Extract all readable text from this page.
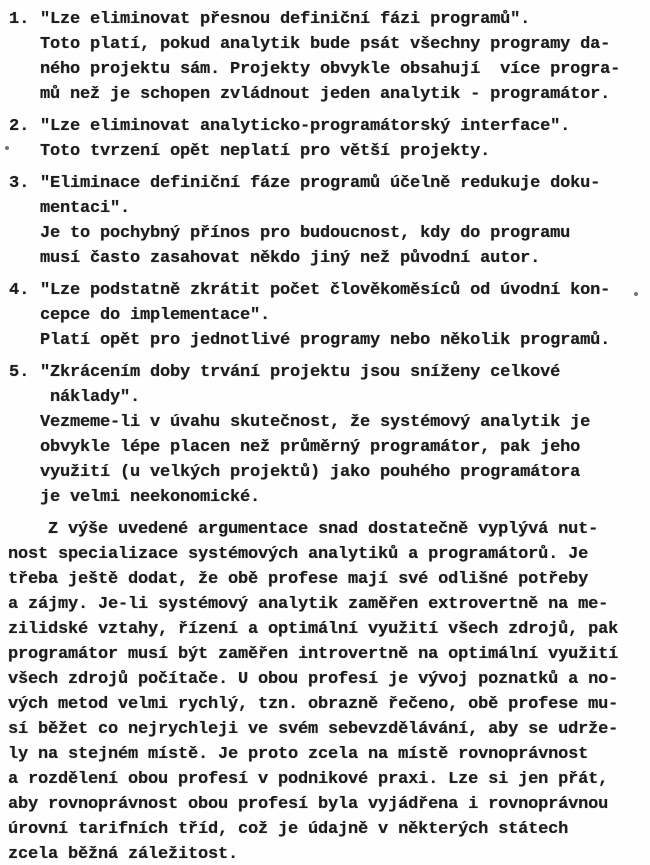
1. "Lze eliminovat přesnou definiční fázi programů".
Toto platí, pokud analytik bude psát všechny programy da-
ného projektu sám. Projekty obvykle obsahují  více progra-
mů než je schopen zvládnout jeden analytik - programátor.
2. "Lze eliminovat analyticko-programátorský interface".
Toto tvrzení opět neplatí pro větší projekty.
3. "Eliminace definiční fáze programů účelně redukuje doku-
mentaci".
Je to pochybný přínos pro budoucnost, kdy do programu
musí často zasahovat někdo jiný než původní autor.
4. "Lze podstatně zkrátit počet člověkoměsíců od úvodní kon-
cepce do implementace".
Platí opět pro jednotlivé programy nebo několik programů.
5. "Zkrácením doby trvání projektu jsou sníženy celkové
náklady".
Vezmeme-li v úvahu skutečnost, že systémový analytik je
obvykle lépe placen než průměrný programátor, pak jeho
využití (u velkých projektů) jako pouhého programátora
je velmi neekonomické.
Z výše uvedené argumentace snad dostatečně vyplývá nut-
nost specializace systémových analytiků a programátorů. Je
třeba ještě dodat, že obě profese mají své odlišné potřeby
a zájmy. Je-li systémový analytik zaměřen extrovertně na me-
zilidské vztahy, řízení a optimální využití všech zdrojů, pak
programátor musí být zaměřen introvertně na optimální využití
všech zdrojů počítače. U obou profesí je vývoj poznatků a no-
vých metod velmi rychlý, tzn. obrazně řečeno, obě profese mu-
sí běžet co nejrychleji ve svém sebevzdělávání, aby se udrže-
ly na stejném místě. Je proto zcela na místě rovnoprávnost
a rozdělení obou profesí v podnikové praxi. Lze si jen přát,
aby rovnoprávnost obou profesí byla vyjádřena i rovnoprávnou
úrovní tarifních tříd, což je údajně v některých státech
zcela běžná záležitost.
